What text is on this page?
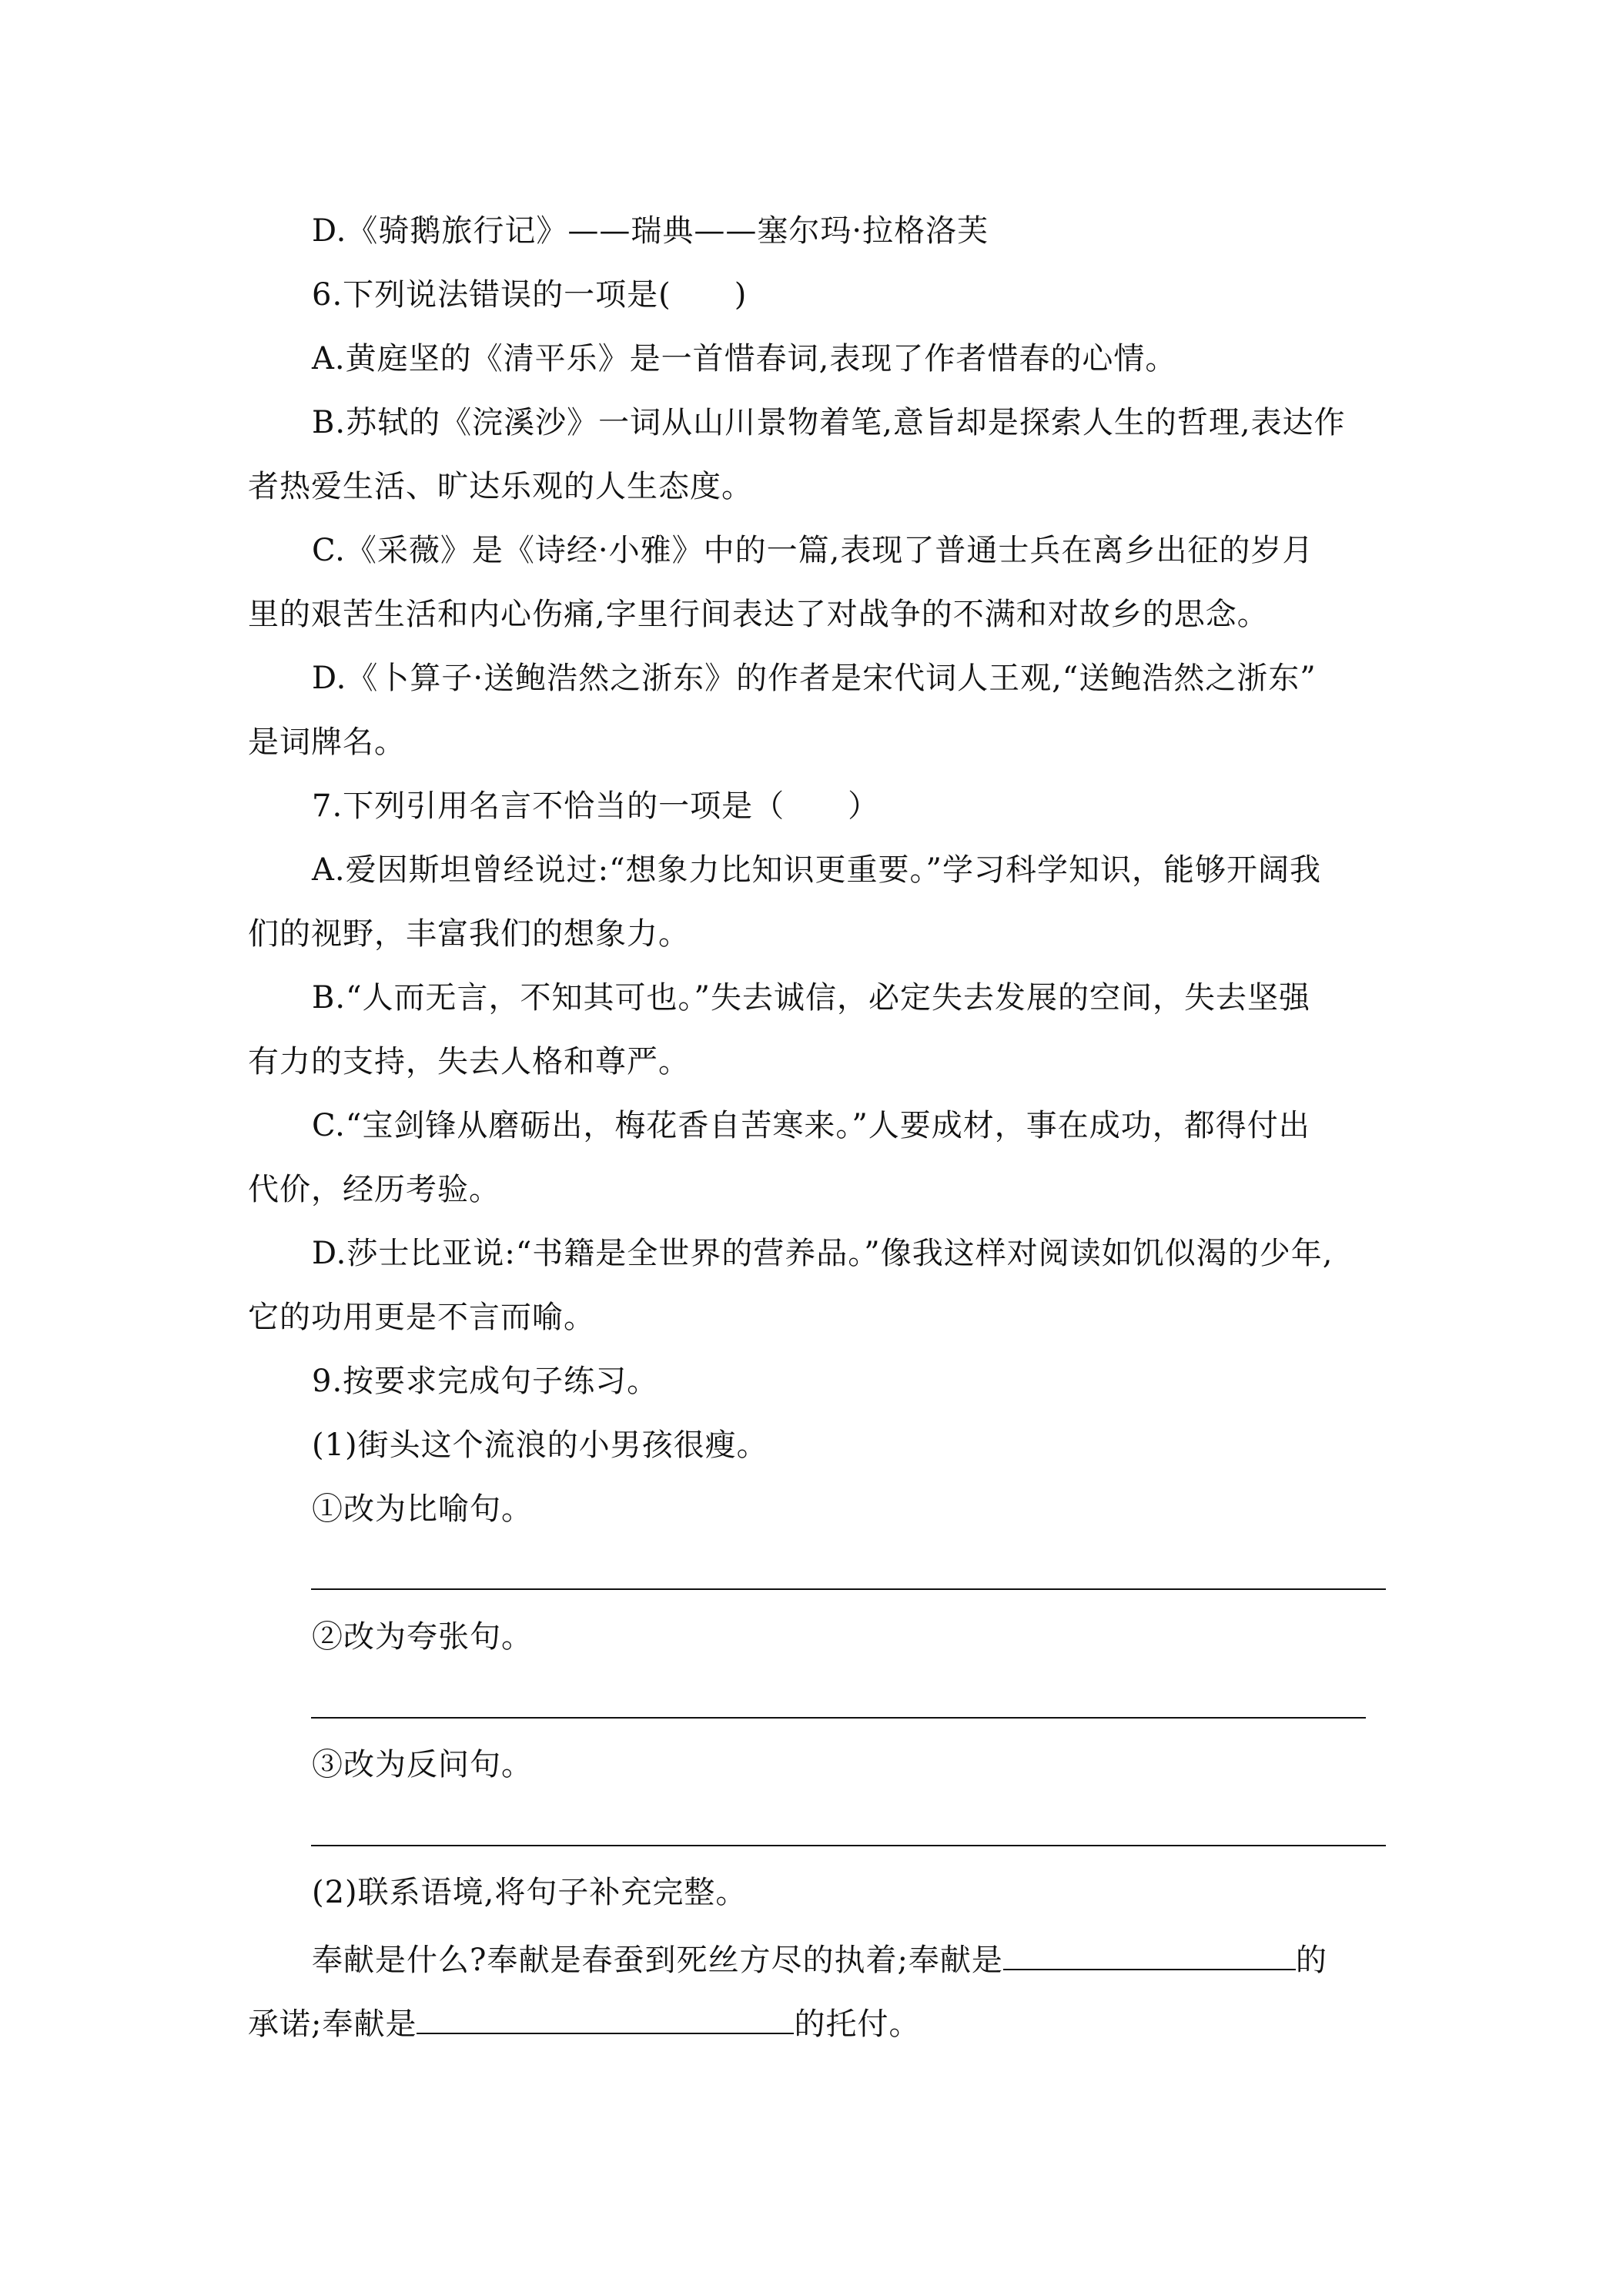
D.《骑鹅旅行记》——瑞典——塞尔玛·拉格洛芙
6.下列说法错误的一项是(　　)
A.黄庭坚的《清平乐》是一首惜春词,表现了作者惜春的心情。
B.苏轼的《浣溪沙》一词从山川景物着笔,意旨却是探索人生的哲理,表达作
者热爱生活、旷达乐观的人生态度。
C.《采薇》是《诗经·小雅》中的一篇,表现了普通士兵在离乡出征的岁月
里的艰苦生活和内心伤痛,字里行间表达了对战争的不满和对故乡的思念。
D.《卜算子·送鲍浩然之浙东》的作者是宋代词人王观,“送鲍浩然之浙东”
是词牌名。
7.下列引用名言不恰当的一项是（　　）
A.爱因斯坦曾经说过:“想象力比知识更重要。”学习科学知识，能够开阔我
们的视野，丰富我们的想象力。
B.“人而无言，不知其可也。”失去诚信，必定失去发展的空间，失去坚强
有力的支持，失去人格和尊严。
C.“宝剑锋从磨砺出，梅花香自苦寒来。”人要成材，事在成功，都得付出
代价，经历考验。
D.莎士比亚说:“书籍是全世界的营养品。”像我这样对阅读如饥似渴的少年,
它的功用更是不言而喻。
9.按要求完成句子练习。
(1)街头这个流浪的小男孩很瘦。
①改为比喻句。
②改为夸张句。
③改为反问句。
(2)联系语境,将句子补充完整。
奉献是什么?奉献是春蚕到死丝方尽的执着;奉献是	的
承诺;奉献是	的托付。
